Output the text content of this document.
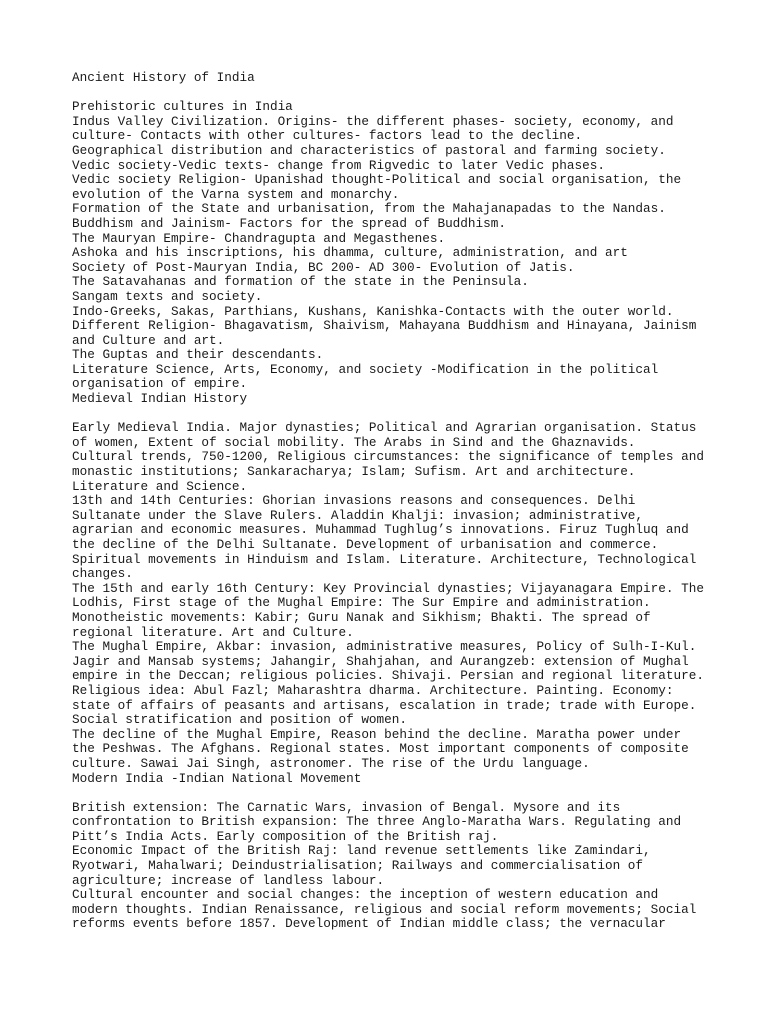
Ancient History of India
Prehistoric cultures in India
Indus Valley Civilization. Origins- the different phases- society, economy, and
culture- Contacts with other cultures- factors lead to the decline.
Geographical distribution and characteristics of pastoral and farming society.
Vedic society-Vedic texts- change from Rigvedic to later Vedic phases.
Vedic society Religion- Upanishad thought-Political and social organisation, the
evolution of the Varna system and monarchy.
Formation of the State and urbanisation, from the Mahajanapadas to the Nandas.
Buddhism and Jainism- Factors for the spread of Buddhism.
The Mauryan Empire- Chandragupta and Megasthenes.
Ashoka and his inscriptions, his dhamma, culture, administration, and art
Society of Post-Mauryan India, BC 200- AD 300- Evolution of Jatis.
The Satavahanas and formation of the state in the Peninsula.
Sangam texts and society.
Indo-Greeks, Sakas, Parthians, Kushans, Kanishka-Contacts with the outer world.
Different Religion- Bhagavatism, Shaivism, Mahayana Buddhism and Hinayana, Jainism
and Culture and art.
The Guptas and their descendants.
Literature Science, Arts, Economy, and society -Modification in the political
organisation of empire.
Medieval Indian History
Early Medieval India. Major dynasties; Political and Agrarian organisation. Status
of women, Extent of social mobility. The Arabs in Sind and the Ghaznavids.
Cultural trends, 750-1200, Religious circumstances: the significance of temples and
monastic institutions; Sankaracharya; Islam; Sufism. Art and architecture.
Literature and Science.
13th and 14th Centuries: Ghorian invasions reasons and consequences. Delhi
Sultanate under the Slave Rulers. Aladdin Khalji: invasion; administrative,
agrarian and economic measures. Muhammad Tughlug’s innovations. Firuz Tughluq and
the decline of the Delhi Sultanate. Development of urbanisation and commerce.
Spiritual movements in Hinduism and Islam. Literature. Architecture, Technological
changes.
The 15th and early 16th Century: Key Provincial dynasties; Vijayanagara Empire. The
Lodhis, First stage of the Mughal Empire: The Sur Empire and administration.
Monotheistic movements: Kabir; Guru Nanak and Sikhism; Bhakti. The spread of
regional literature. Art and Culture.
The Mughal Empire, Akbar: invasion, administrative measures, Policy of Sulh-I-Kul.
Jagir and Mansab systems; Jahangir, Shahjahan, and Aurangzeb: extension of Mughal
empire in the Deccan; religious policies. Shivaji. Persian and regional literature.
Religious idea: Abul Fazl; Maharashtra dharma. Architecture. Painting. Economy:
state of affairs of peasants and artisans, escalation in trade; trade with Europe.
Social stratification and position of women.
The decline of the Mughal Empire, Reason behind the decline. Maratha power under
the Peshwas. The Afghans. Regional states. Most important components of composite
culture. Sawai Jai Singh, astronomer. The rise of the Urdu language.
Modern India -Indian National Movement
British extension: The Carnatic Wars, invasion of Bengal. Mysore and its
confrontation to British expansion: The three Anglo-Maratha Wars. Regulating and
Pitt’s India Acts. Early composition of the British raj.
Economic Impact of the British Raj: land revenue settlements like Zamindari,
Ryotwari, Mahalwari; Deindustrialisation; Railways and commercialisation of
agriculture; increase of landless labour.
Cultural encounter and social changes: the inception of western education and
modern thoughts. Indian Renaissance, religious and social reform movements; Social
reforms events before 1857. Development of Indian middle class; the vernacular
